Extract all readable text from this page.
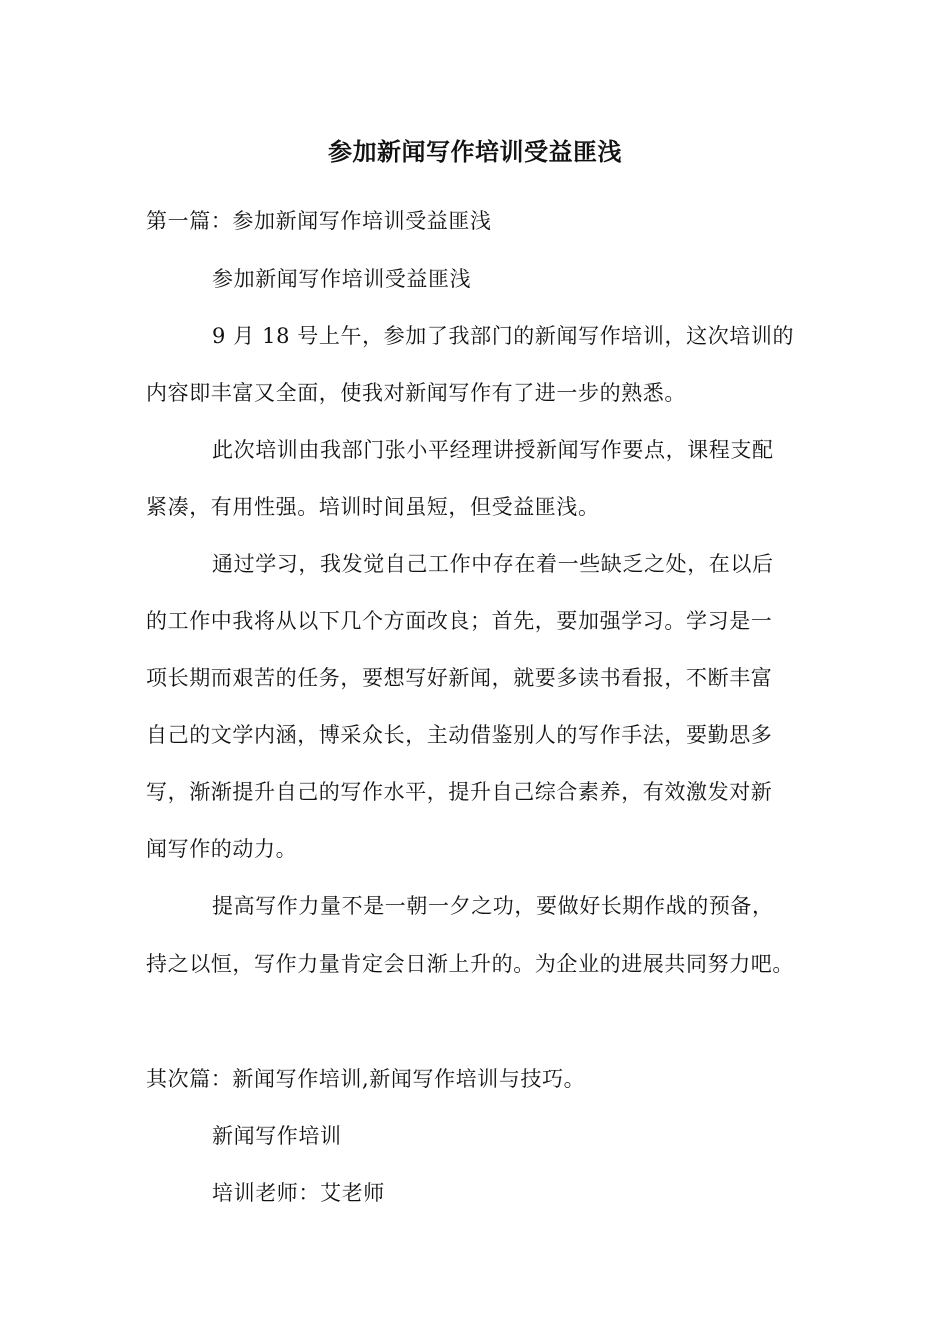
参加新闻写作培训受益匪浅
第一篇：参加新闻写作培训受益匪浅
参加新闻写作培训受益匪浅
9 月 18 号上午，参加了我部门的新闻写作培训，这次培训的
内容即丰富又全面，使我对新闻写作有了进一步的熟悉。
此次培训由我部门张小平经理讲授新闻写作要点，课程支配
紧凑，有用性强。培训时间虽短，但受益匪浅。
通过学习，我发觉自己工作中存在着一些缺乏之处，在以后
的工作中我将从以下几个方面改良；首先，要加强学习。学习是一
项长期而艰苦的任务，要想写好新闻，就要多读书看报，不断丰富
自己的文学内涵，博采众长，主动借鉴别人的写作手法，要勤思多
写，渐渐提升自己的写作水平，提升自己综合素养，有效激发对新
闻写作的动力。
提高写作力量不是一朝一夕之功，要做好长期作战的预备，
持之以恒，写作力量肯定会日渐上升的。为企业的进展共同努力吧。
其次篇：新闻写作培训,新闻写作培训与技巧。
新闻写作培训
培训老师：艾老师
